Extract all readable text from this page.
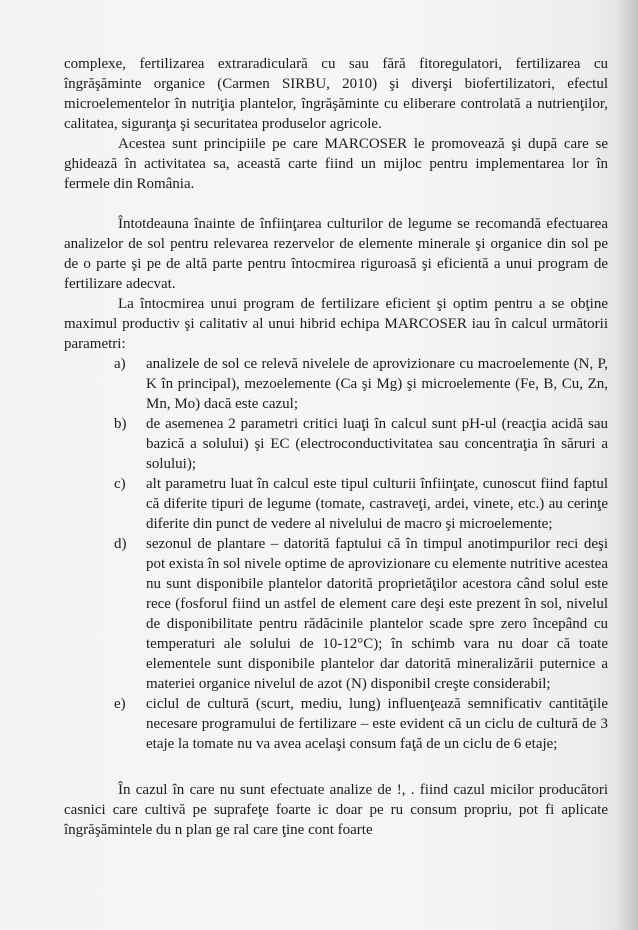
complexe, fertilizarea extraradiculară cu sau fără fitoregulatori, fertilizarea cu îngrăşăminte organice (Carmen SIRBU, 2010) şi diverşi biofertilizatori, efectul microelementelor în nutriţia plantelor, îngrăşăminte cu eliberare controlată a nutrienţilor, calitatea, siguranţa şi securitatea produselor agricole.

Acestea sunt principiile pe care MARCOSER le promovează şi după care se ghidează în activitatea sa, această carte fiind un mijloc pentru implementarea lor în fermele din România.

Întotdeauna înainte de înfiinţarea culturilor de legume se recomandă efectuarea analizelor de sol pentru relevarea rezervelor de elemente minerale şi organice din sol pe de o parte şi pe de altă parte pentru întocmirea riguroasă şi eficientă a unui program de fertilizare adecvat.

La întocmirea unui program de fertilizare eficient şi optim pentru a se obţine maximul productiv şi calitativ al unui hibrid echipa MARCOSER iau în calcul următorii parametri:

a) analizele de sol ce relevă nivelele de aprovizionare cu macroelemente (N, P, K în principal), mezoelemente (Ca şi Mg) şi microelemente (Fe, B, Cu, Zn, Mn, Mo) dacă este cazul;
b) de asemenea 2 parametri critici luaţi în calcul sunt pH-ul (reacţia acidă sau bazică a solului) şi EC (electroconductivitatea sau concentraţia în săruri a solului);
c) alt parametru luat în calcul este tipul culturii înfiinţate, cunoscut fiind faptul că diferite tipuri de legume (tomate, castraveţi, ardei, vinete, etc.) au cerinţe diferite din punct de vedere al nivelului de macro şi microelemente;
d) sezonul de plantare – datorită faptului că în timpul anotimpurilor reci deşi pot exista în sol nivele optime de aprovizionare cu elemente nutritive acestea nu sunt disponibile plantelor datorită proprietăţilor acestora când solul este rece (fosforul fiind un astfel de element care deşi este prezent în sol, nivelul de disponibilitate pentru rădăcinile plantelor scade spre zero începând cu temperaturi ale solului de 10-12°C); în schimb vara nu doar că toate elementele sunt disponibile plantelor dar datorită mineralizării puternice a materiei organice nivelul de azot (N) disponibil creşte considerabil;
e) ciclul de cultură (scurt, mediu, lung) influenţează semnificativ cantităţile necesare programului de fertilizare – este evident că un ciclu de cultură de 3 etaje la tomate nu va avea acelaşi consum faţă de un ciclu de 6 etaje;

În cazul în care nu sunt efectuate analize de !, . fiind cazul micilor producători casnici care cultivă pe suprafeţe foarte ic doar pe ru consum propriu, pot fi aplicate îngrăşămintele du n plan ge ral care ţine cont foarte
